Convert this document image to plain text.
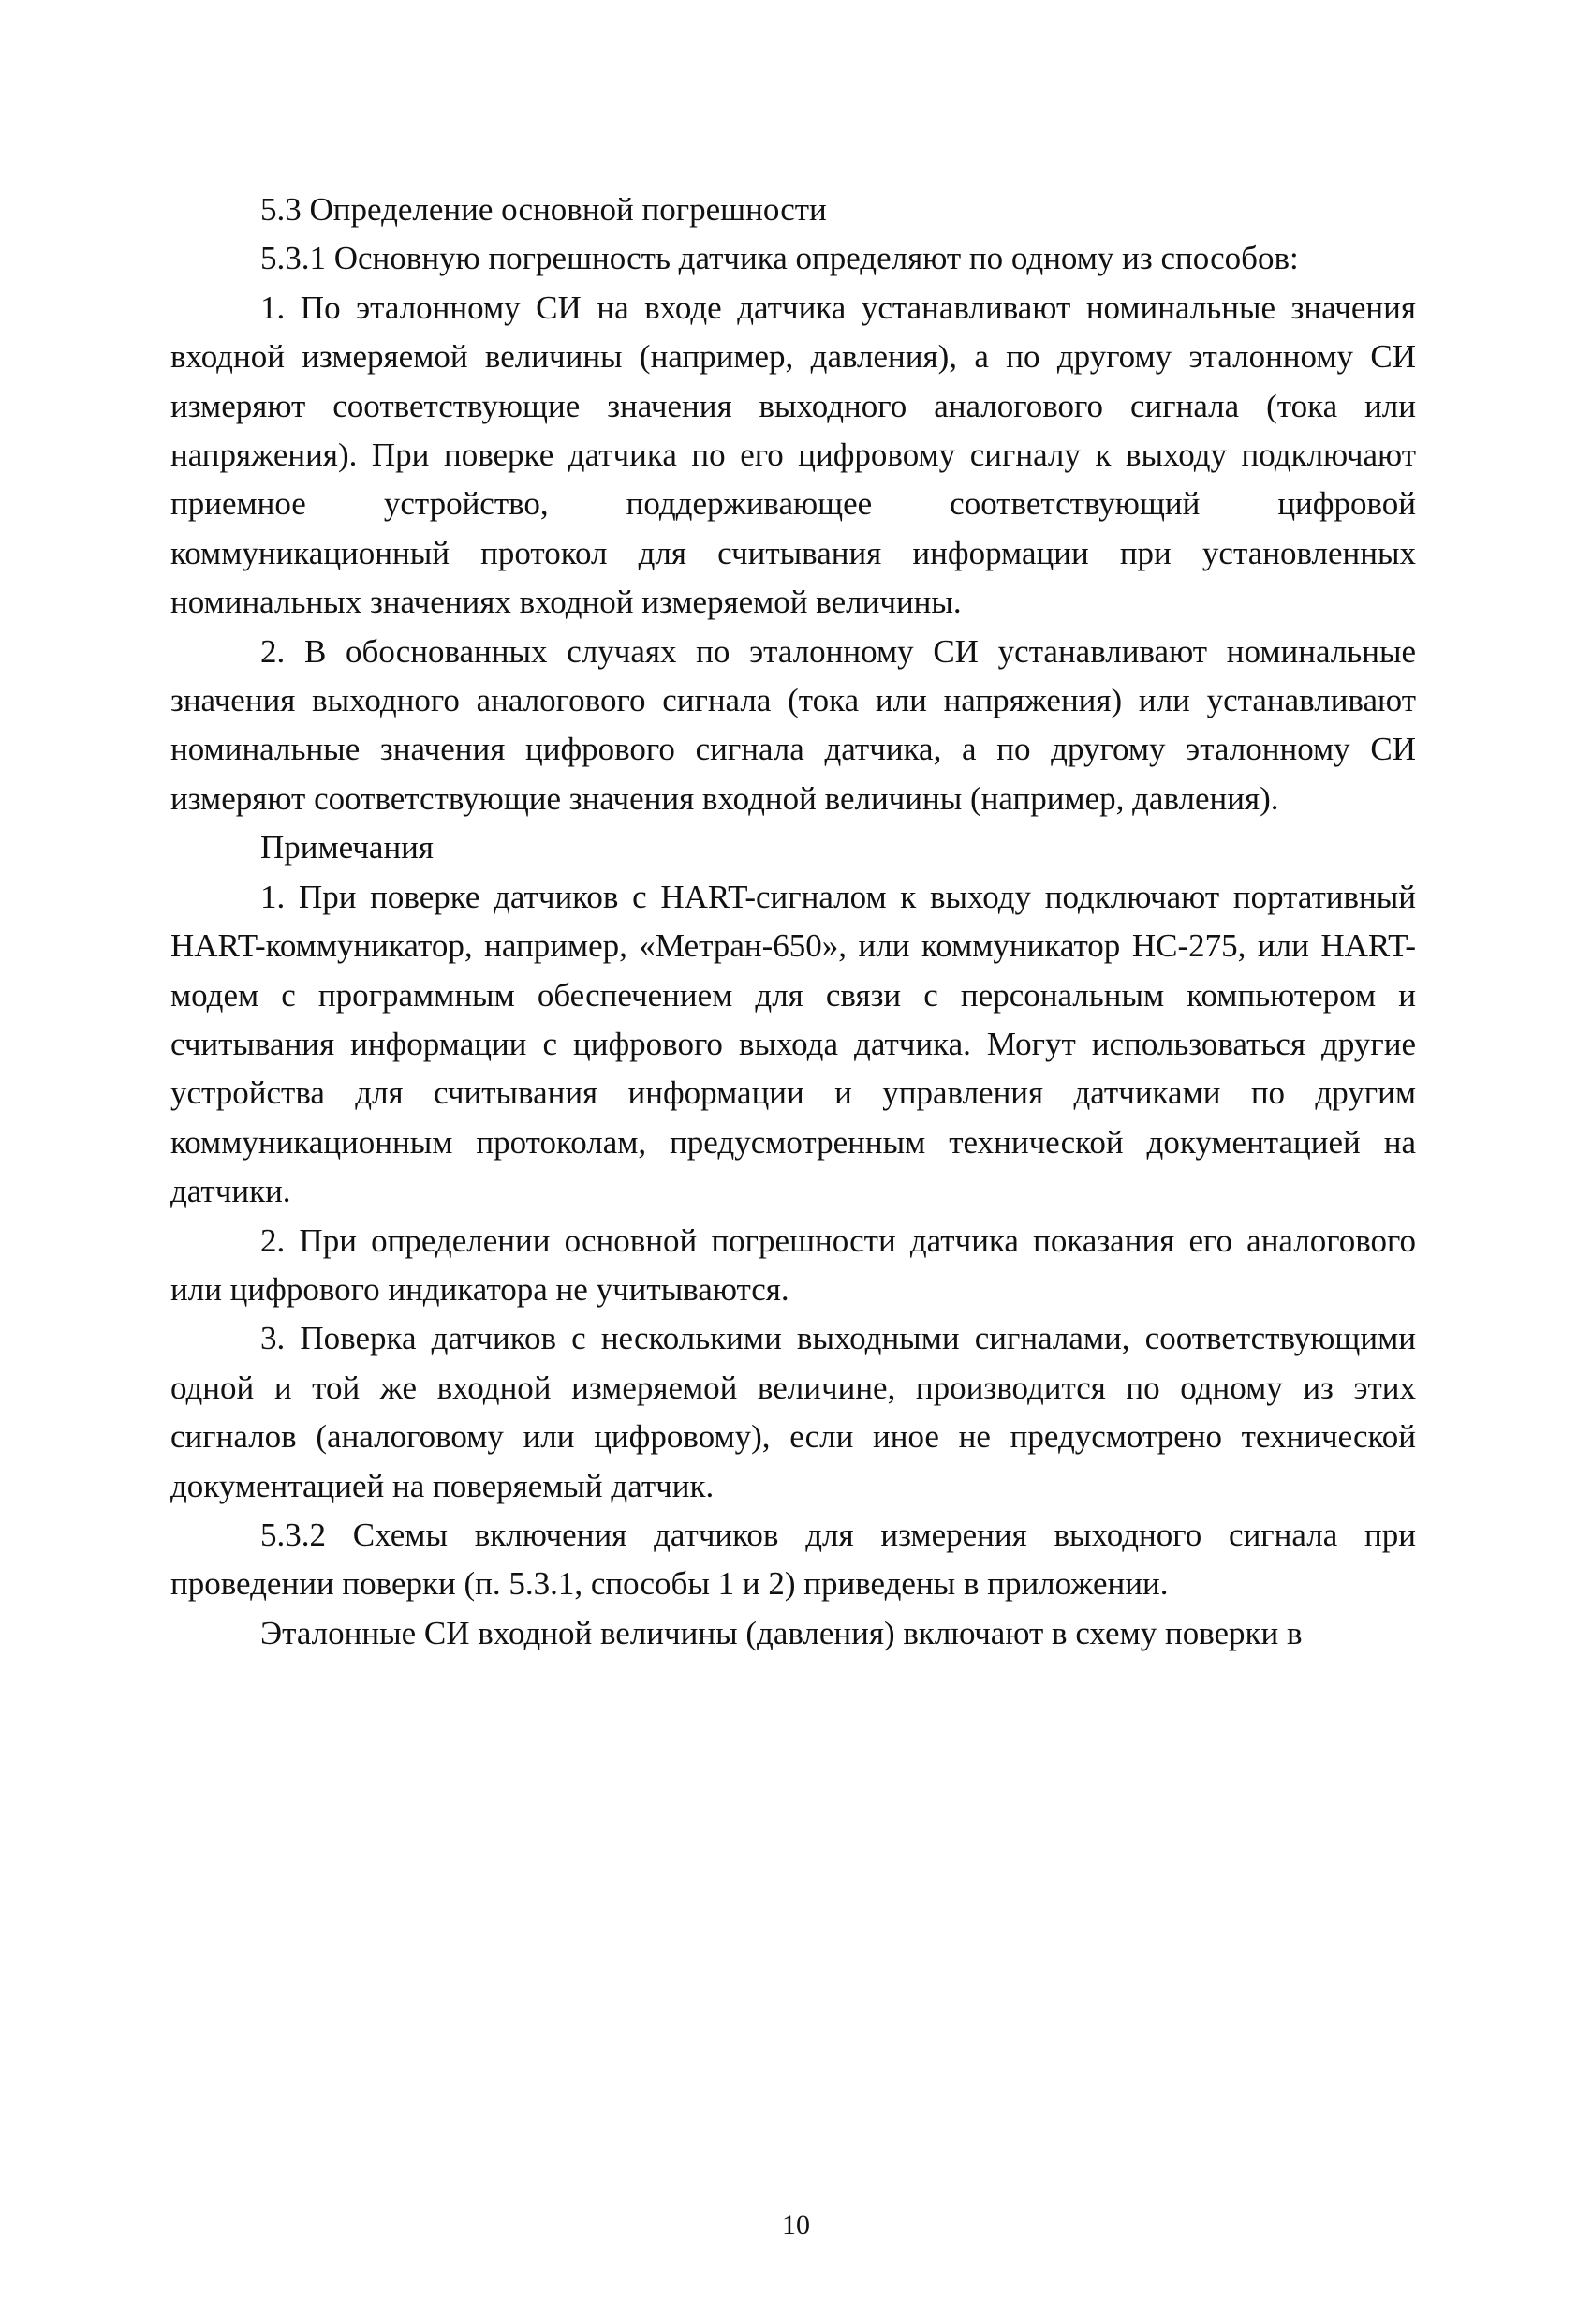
5.3 Определение основной погрешности

5.3.1 Основную погрешность датчика определяют по одному из способов:

1. По эталонному СИ на входе датчика устанавливают номинальные значения входной измеряемой величины (например, давления), а по другому эталонному СИ измеряют соответствующие значения выходного аналогового сигнала (тока или напряжения). При поверке датчика по его цифровому сигналу к выходу подключают приемное устройство, поддерживающее соответствующий цифровой коммуникационный протокол для считывания информации при установленных номинальных значениях входной измеряемой величины.

2. В обоснованных случаях по эталонному СИ устанавливают номинальные значения выходного аналогового сигнала (тока или напряжения) или устанавливают номинальные значения цифрового сигнала датчика, а по другому эталонному СИ измеряют соответствующие значения входной величины (например, давления).

Примечания

1. При поверке датчиков с HART-сигналом к выходу подключают портативный HART-коммуникатор, например, «Метран-650», или коммуникатор НС-275, или HART-модем с программным обеспечением для связи с персональным компьютером и считывания информации с цифрового выхода датчика. Могут использоваться другие устройства для считывания информации и управления датчиками по другим коммуникационным протоколам, предусмотренным технической документацией на датчики.

2. При определении основной погрешности датчика показания его аналогового или цифрового индикатора не учитываются.

3. Поверка датчиков с несколькими выходными сигналами, соответствующими одной и той же входной измеряемой величине, производится по одному из этих сигналов (аналоговому или цифровому), если иное не предусмотрено технической документацией на поверяемый датчик.

5.3.2 Схемы включения датчиков для измерения выходного сигнала при проведении поверки (п. 5.3.1, способы 1 и 2) приведены в приложении.

Эталонные СИ входной величины (давления) включают в схему поверки в

10
